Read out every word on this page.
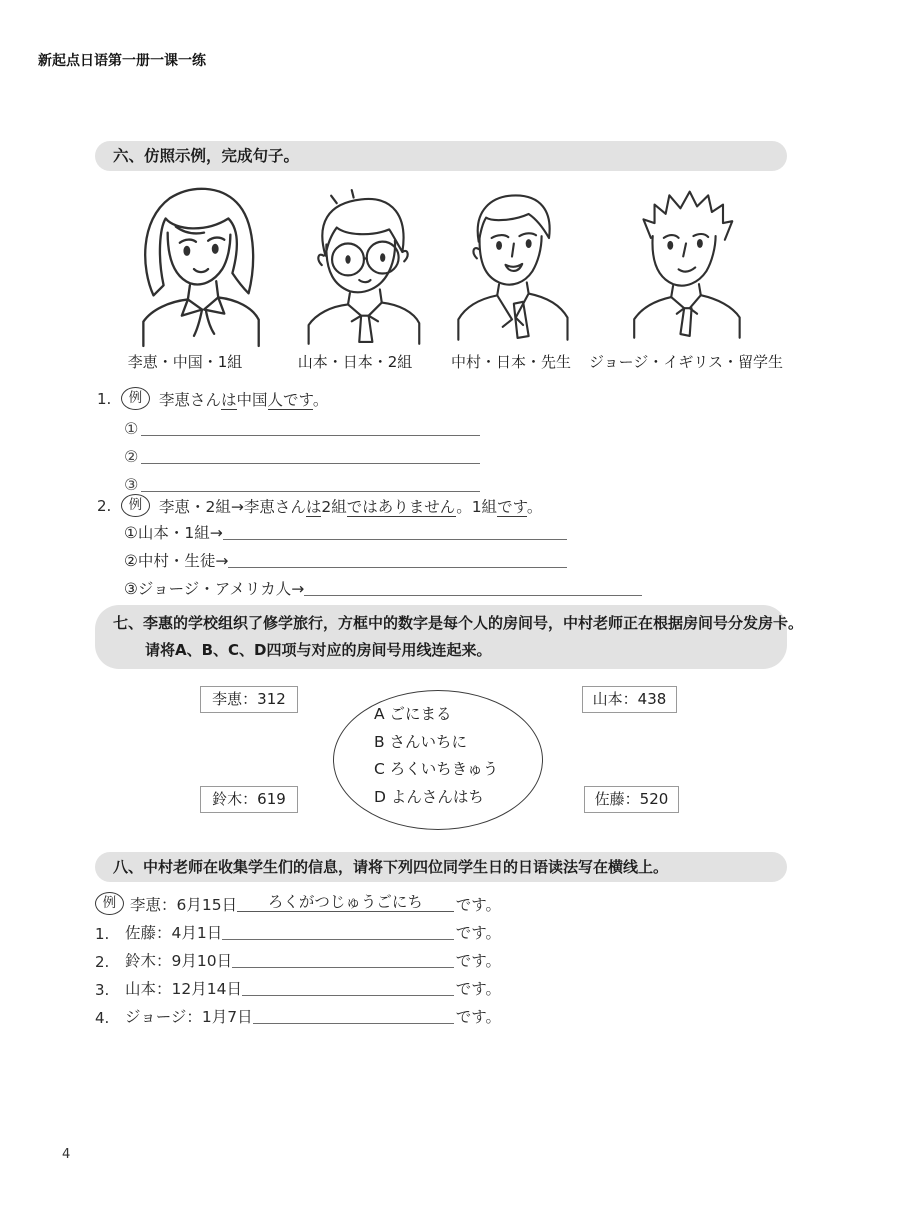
新起点日语第一册一课一练
六、仿照示例，完成句子。
李恵・中国・1組	山本・日本・2組	中村・日本・先生 ジョージ・イギリス・留学生
1.	例	李恵さんは中国人です。
①
②
③
2.	例	李恵・2組→李恵さんは2組ではありません。1組です。
①山本・1組→
②中村・生徒→
③ジョージ・アメリカ人→
七、李惠的学校组织了修学旅行，方框中的数字是每个人的房间号，中村老师正在根据房间号分发房卡。
请将A、B、C、D四项与对应的房间号用线连起来。
李恵：312	山本：438
鈴木：619	佐藤：520
A ごにまる
B さんいちに
C ろくいちきゅう
D よんさんはち
八、中村老师在收集学生们的信息，请将下列四位同学生日的日语读法写在横线上。
例 李恵：6月15日	ろくがつじゅうごにち	です。
1.	佐藤：4月1日	です。
2.	鈴木：9月10日	です。
3.	山本：12月14日	です。
4.	ジョージ：1月7日	です。
4
